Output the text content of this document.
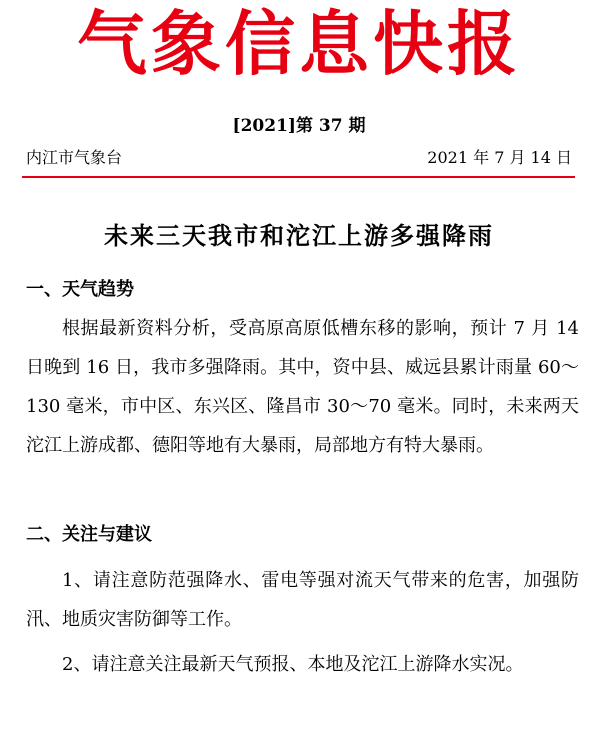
气象信息快报
[2021]第 37 期
内江市气象台	2021 年 7 月 14 日
未来三天我市和沱江上游多强降雨
一、天气趋势

根据最新资料分析，受高原高原低槽东移的影响，预计 7 月 14 日晚到 16 日，我市多强降雨。其中，资中县、威远县累计雨量 60～130 毫米，市中区、东兴区、隆昌市 30～70 毫米。同时，未来两天沱江上游成都、德阳等地有大暴雨，局部地方有特大暴雨。

二、关注与建议

1、请注意防范强降水、雷电等强对流天气带来的危害，加强防汛、地质灾害防御等工作。

2、请注意关注最新天气预报、本地及沱江上游降水实况。
